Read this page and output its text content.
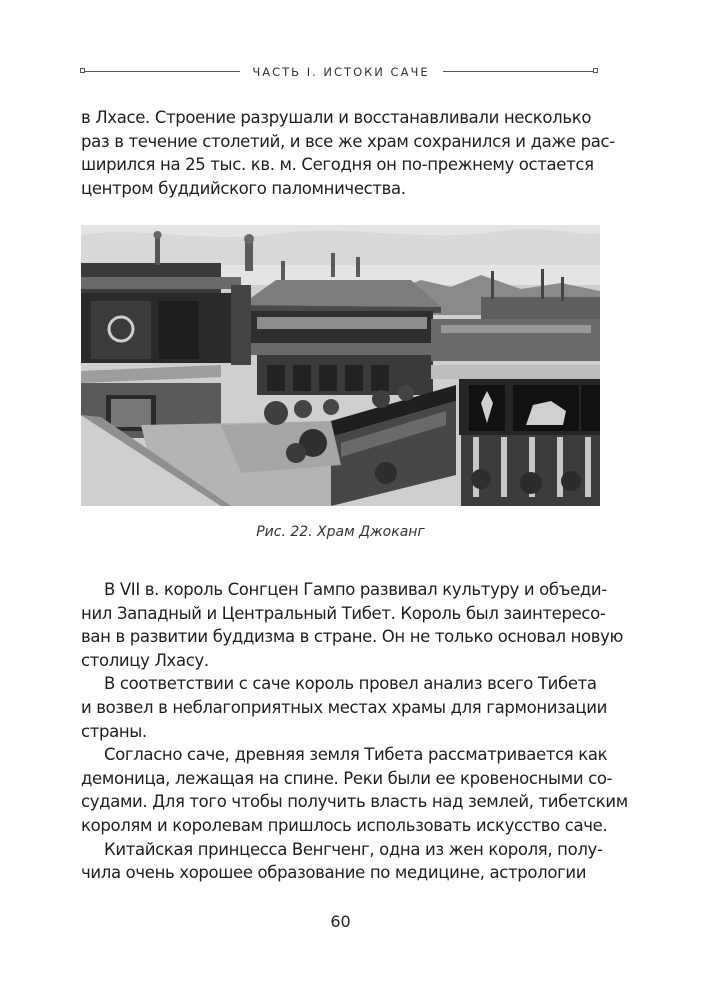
ЧАСТЬ I. ИСТОКИ САЧЕ
в Лхасе. Строение разрушали и восстанавливали несколько
раз в течение столетий, и все же храм сохранился и даже рас-
ширился на 25 тыс. кв. м. Сегодня он по-прежнему остается
центром буддийского паломничества.
Рис. 22. Храм Джоканг
В VII в. король Сонгцен Гампо развивал культуру и объеди-
нил Западный и Центральный Тибет. Король был заинтересо-
ван в развитии буддизма в стране. Он не только основал новую
столицу Лхасу.
В соответствии с саче король провел анализ всего Тибета
и возвел в неблагоприятных местах храмы для гармонизации
страны.
Согласно саче, древняя земля Тибета рассматривается как
демоница, лежащая на спине. Реки были ее кровеносными со-
судами. Для того чтобы получить власть над землей, тибетским
королям и королевам пришлось использовать искусство саче.
Китайская принцесса Венгченг, одна из жен короля, полу-
чила очень хорошее образование по медицине, астрологии
60
